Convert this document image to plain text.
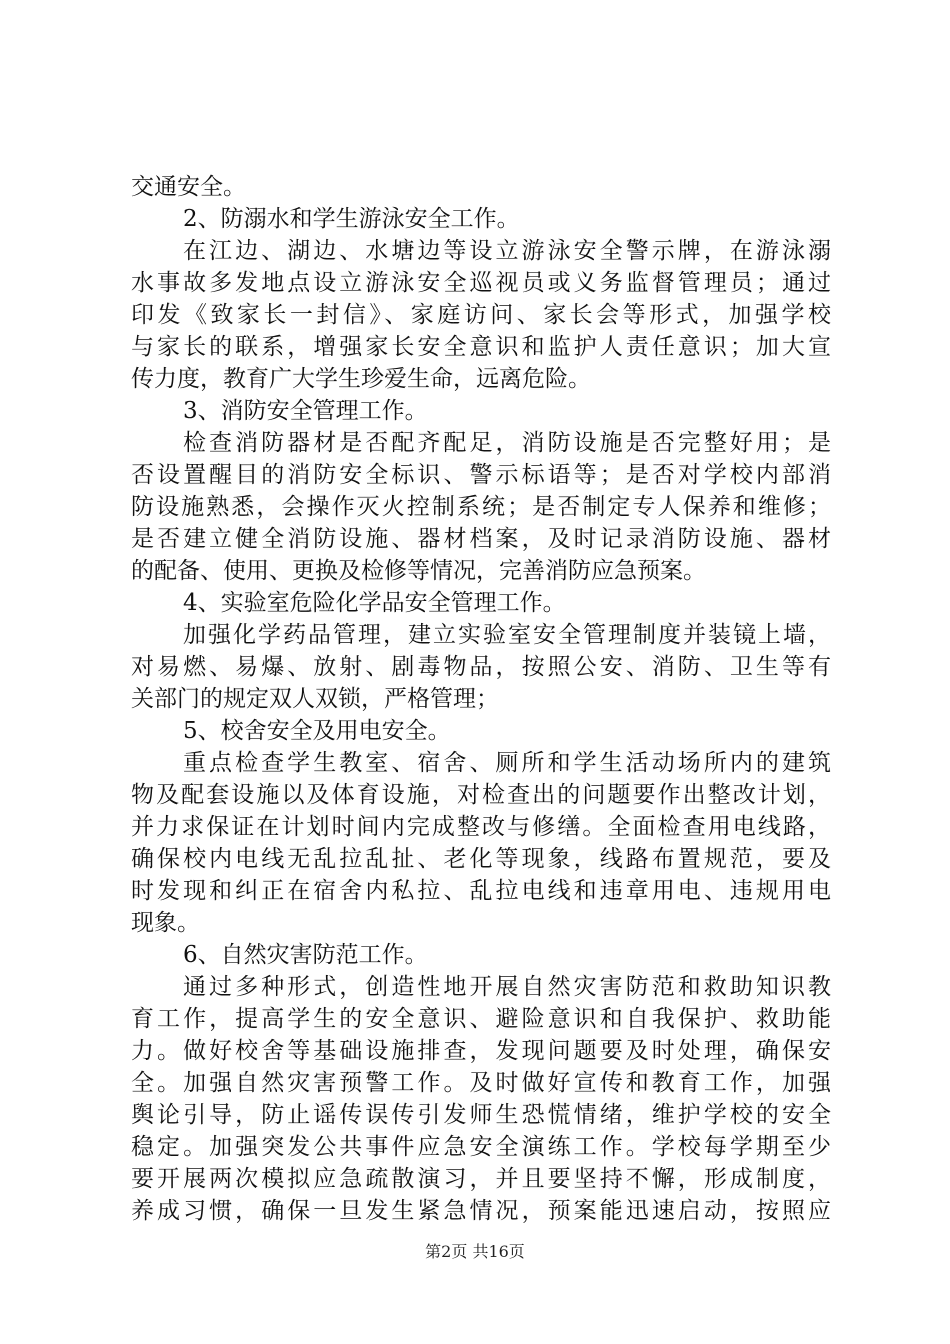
交通安全。
2、防溺水和学生游泳安全工作。
在江边、湖边、水塘边等设立游泳安全警示牌，在游泳溺
水事故多发地点设立游泳安全巡视员或义务监督管理员；通过
印发《致家长一封信》、家庭访问、家长会等形式，加强学校
与家长的联系，增强家长安全意识和监护人责任意识；加大宣
传力度，教育广大学生珍爱生命，远离危险。
3、消防安全管理工作。
检查消防器材是否配齐配足，消防设施是否完整好用；是
否设置醒目的消防安全标识、警示标语等；是否对学校内部消
防设施熟悉，会操作灭火控制系统；是否制定专人保养和维修；
是否建立健全消防设施、器材档案，及时记录消防设施、器材
的配备、使用、更换及检修等情况，完善消防应急预案。
4、实验室危险化学品安全管理工作。
加强化学药品管理，建立实验室安全管理制度并装镜上墙，
对易燃、易爆、放射、剧毒物品，按照公安、消防、卫生等有
关部门的规定双人双锁，严格管理；
5、校舍安全及用电安全。
重点检查学生教室、宿舍、厕所和学生活动场所内的建筑
物及配套设施以及体育设施，对检查出的问题要作出整改计划，
并力求保证在计划时间内完成整改与修缮。全面检查用电线路，
确保校内电线无乱拉乱扯、老化等现象，线路布置规范，要及
时发现和纠正在宿舍内私拉、乱拉电线和违章用电、违规用电
现象。
6、自然灾害防范工作。
通过多种形式，创造性地开展自然灾害防范和救助知识教
育工作，提高学生的安全意识、避险意识和自我保护、救助能
力。做好校舍等基础设施排查，发现问题要及时处理，确保安
全。加强自然灾害预警工作。及时做好宣传和教育工作，加强
舆论引导，防止谣传误传引发师生恐慌情绪，维护学校的安全
稳定。加强突发公共事件应急安全演练工作。学校每学期至少
要开展两次模拟应急疏散演习，并且要坚持不懈，形成制度，
养成习惯，确保一旦发生紧急情况，预案能迅速启动，按照应
第2页 共16页
